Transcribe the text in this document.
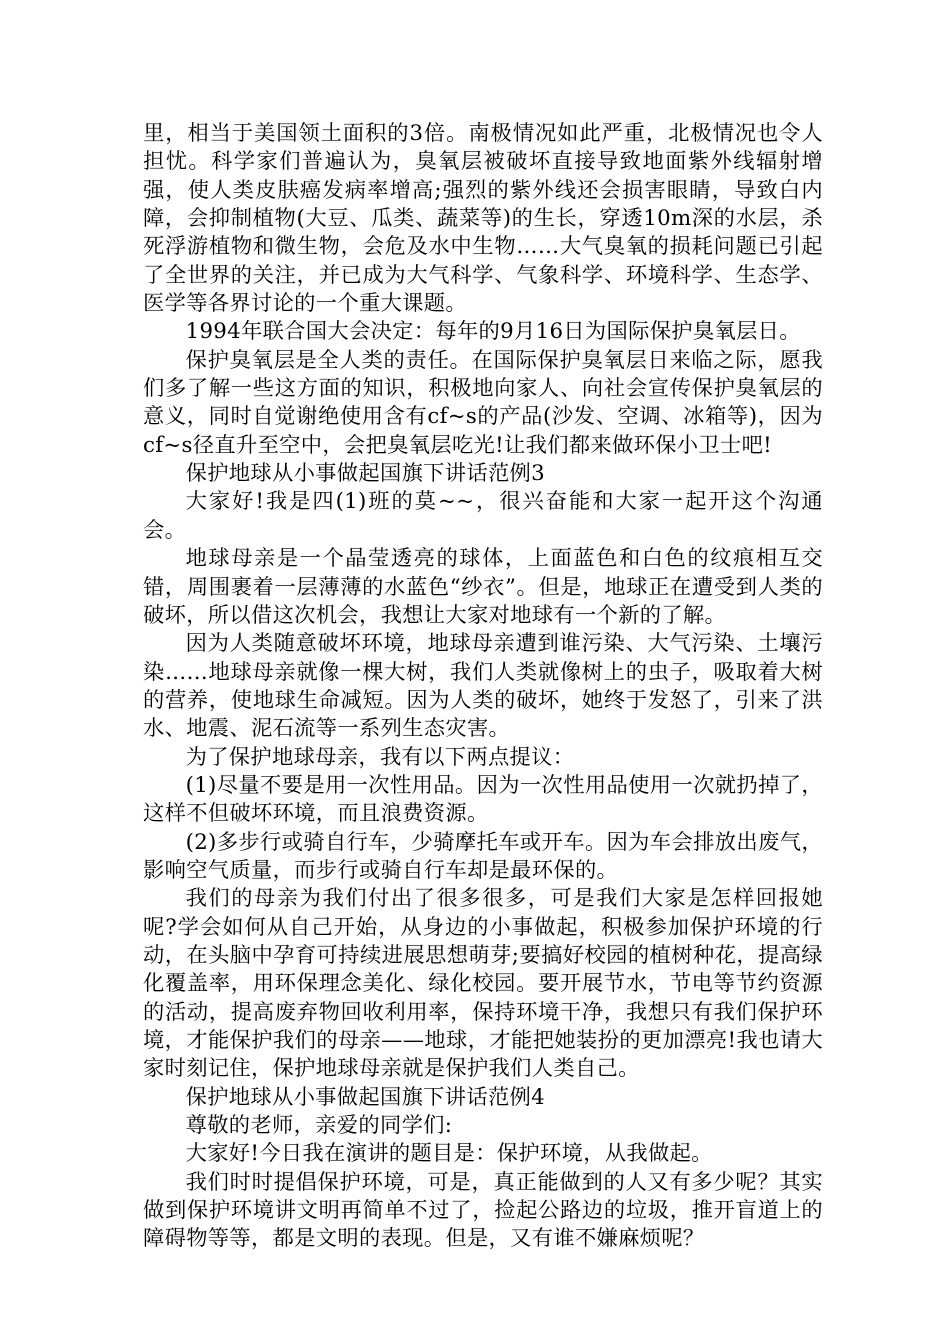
里，相当于美国领土面积的3倍。南极情况如此严重，北极情况也令人担忧。科学家们普遍认为，臭氧层被破坏直接导致地面紫外线辐射增强，使人类皮肤癌发病率增高;强烈的紫外线还会损害眼睛，导致白内障，会抑制植物(大豆、瓜类、蔬菜等)的生长，穿透10m深的水层，杀死浮游植物和微生物，会危及水中生物……大气臭氧的损耗问题已引起了全世界的关注，并已成为大气科学、气象科学、环境科学、生态学、医学等各界讨论的一个重大课题。

1994年联合国大会决定：每年的9月16日为国际保护臭氧层日。

保护臭氧层是全人类的责任。在国际保护臭氧层日来临之际，愿我们多了解一些这方面的知识，积极地向家人、向社会宣传保护臭氧层的意义，同时自觉谢绝使用含有cf~s的产品(沙发、空调、冰箱等)，因为cf~s径直升至空中，会把臭氧层吃光!让我们都来做环保小卫士吧!

保护地球从小事做起国旗下讲话范例3

大家好!我是四(1)班的莫~~，很兴奋能和大家一起开这个沟通会。

地球母亲是一个晶莹透亮的球体，上面蓝色和白色的纹痕相互交错，周围裹着一层薄薄的水蓝色“纱衣”。但是，地球正在遭受到人类的破坏，所以借这次机会，我想让大家对地球有一个新的了解。

因为人类随意破坏环境，地球母亲遭到谁污染、大气污染、土壤污染……地球母亲就像一棵大树，我们人类就像树上的虫子，吸取着大树的营养，使地球生命减短。因为人类的破坏，她终于发怒了，引来了洪水、地震、泥石流等一系列生态灾害。

为了保护地球母亲，我有以下两点提议：

(1)尽量不要是用一次性用品。因为一次性用品使用一次就扔掉了，这样不但破坏环境，而且浪费资源。

(2)多步行或骑自行车，少骑摩托车或开车。因为车会排放出废气，影响空气质量，而步行或骑自行车却是最环保的。

我们的母亲为我们付出了很多很多，可是我们大家是怎样回报她呢?学会如何从自己开始，从身边的小事做起，积极参加保护环境的行动，在头脑中孕育可持续进展思想萌芽;要搞好校园的植树种花，提高绿化覆盖率，用环保理念美化、绿化校园。要开展节水，节电等节约资源的活动，提高废弃物回收利用率，保持环境干净，我想只有我们保护环境，才能保护我们的母亲——地球，才能把她装扮的更加漂亮!我也请大家时刻记住，保护地球母亲就是保护我们人类自己。

保护地球从小事做起国旗下讲话范例4

尊敬的老师，亲爱的同学们:

大家好!今日我在演讲的题目是：保护环境，从我做起。

我们时时提倡保护环境，可是，真正能做到的人又有多少呢？其实做到保护环境讲文明再简单不过了，捡起公路边的垃圾，推开盲道上的障碍物等等，都是文明的表现。但是，又有谁不嫌麻烦呢？
